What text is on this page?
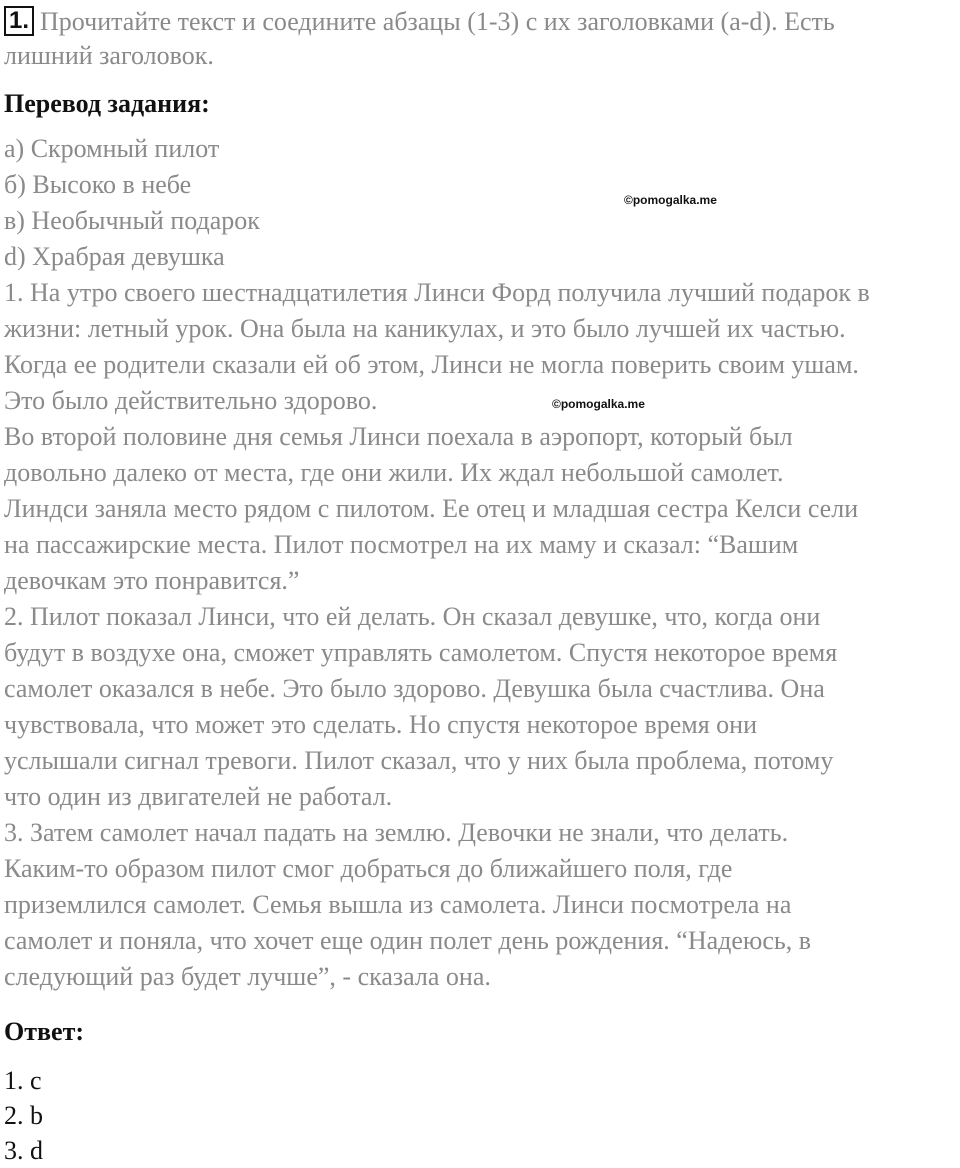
1. Прочитайте текст и соедините абзацы (1-3) с их заголовками (a-d). Есть
лишний заголовок.
Перевод задания:
а) Скромный пилот
б) Высоко в небе
в) Необычный подарок
d) Храбрая девушка
1. На утро своего шестнадцатилетия Линси Форд получила лучший подарок в
жизни: летный урок. Она была на каникулах, и это было лучшей их частью.
Когда ее родители сказали ей об этом, Линси не могла поверить своим ушам.
Это было действительно здорово.
Во второй половине дня семья Линси поехала в аэропорт, который был
довольно далеко от места, где они жили. Их ждал небольшой самолет.
Линдси заняла место рядом с пилотом. Ее отец и младшая сестра Келси сели
на пассажирские места. Пилот посмотрел на их маму и сказал: “Вашим
девочкам это понравится.”
2. Пилот показал Линси, что ей делать. Он сказал девушке, что, когда они
будут в воздухе она, сможет управлять самолетом. Спустя некоторое время
самолет оказался в небе. Это было здорово. Девушка была счастлива. Она
чувствовала, что может это сделать. Но спустя некоторое время они
услышали сигнал тревоги. Пилот сказал, что у них была проблема, потому
что один из двигателей не работал.
3. Затем самолет начал падать на землю. Девочки не знали, что делать.
Каким-то образом пилот смог добраться до ближайшего поля, где
приземлился самолет. Семья вышла из самолета. Линси посмотрела на
самолет и поняла, что хочет еще один полет день рождения. “Надеюсь, в
следующий раз будет лучше”, - сказала она.
Ответ:
1. c
2. b
3. d
©pomogalka.me
©pomogalka.me
